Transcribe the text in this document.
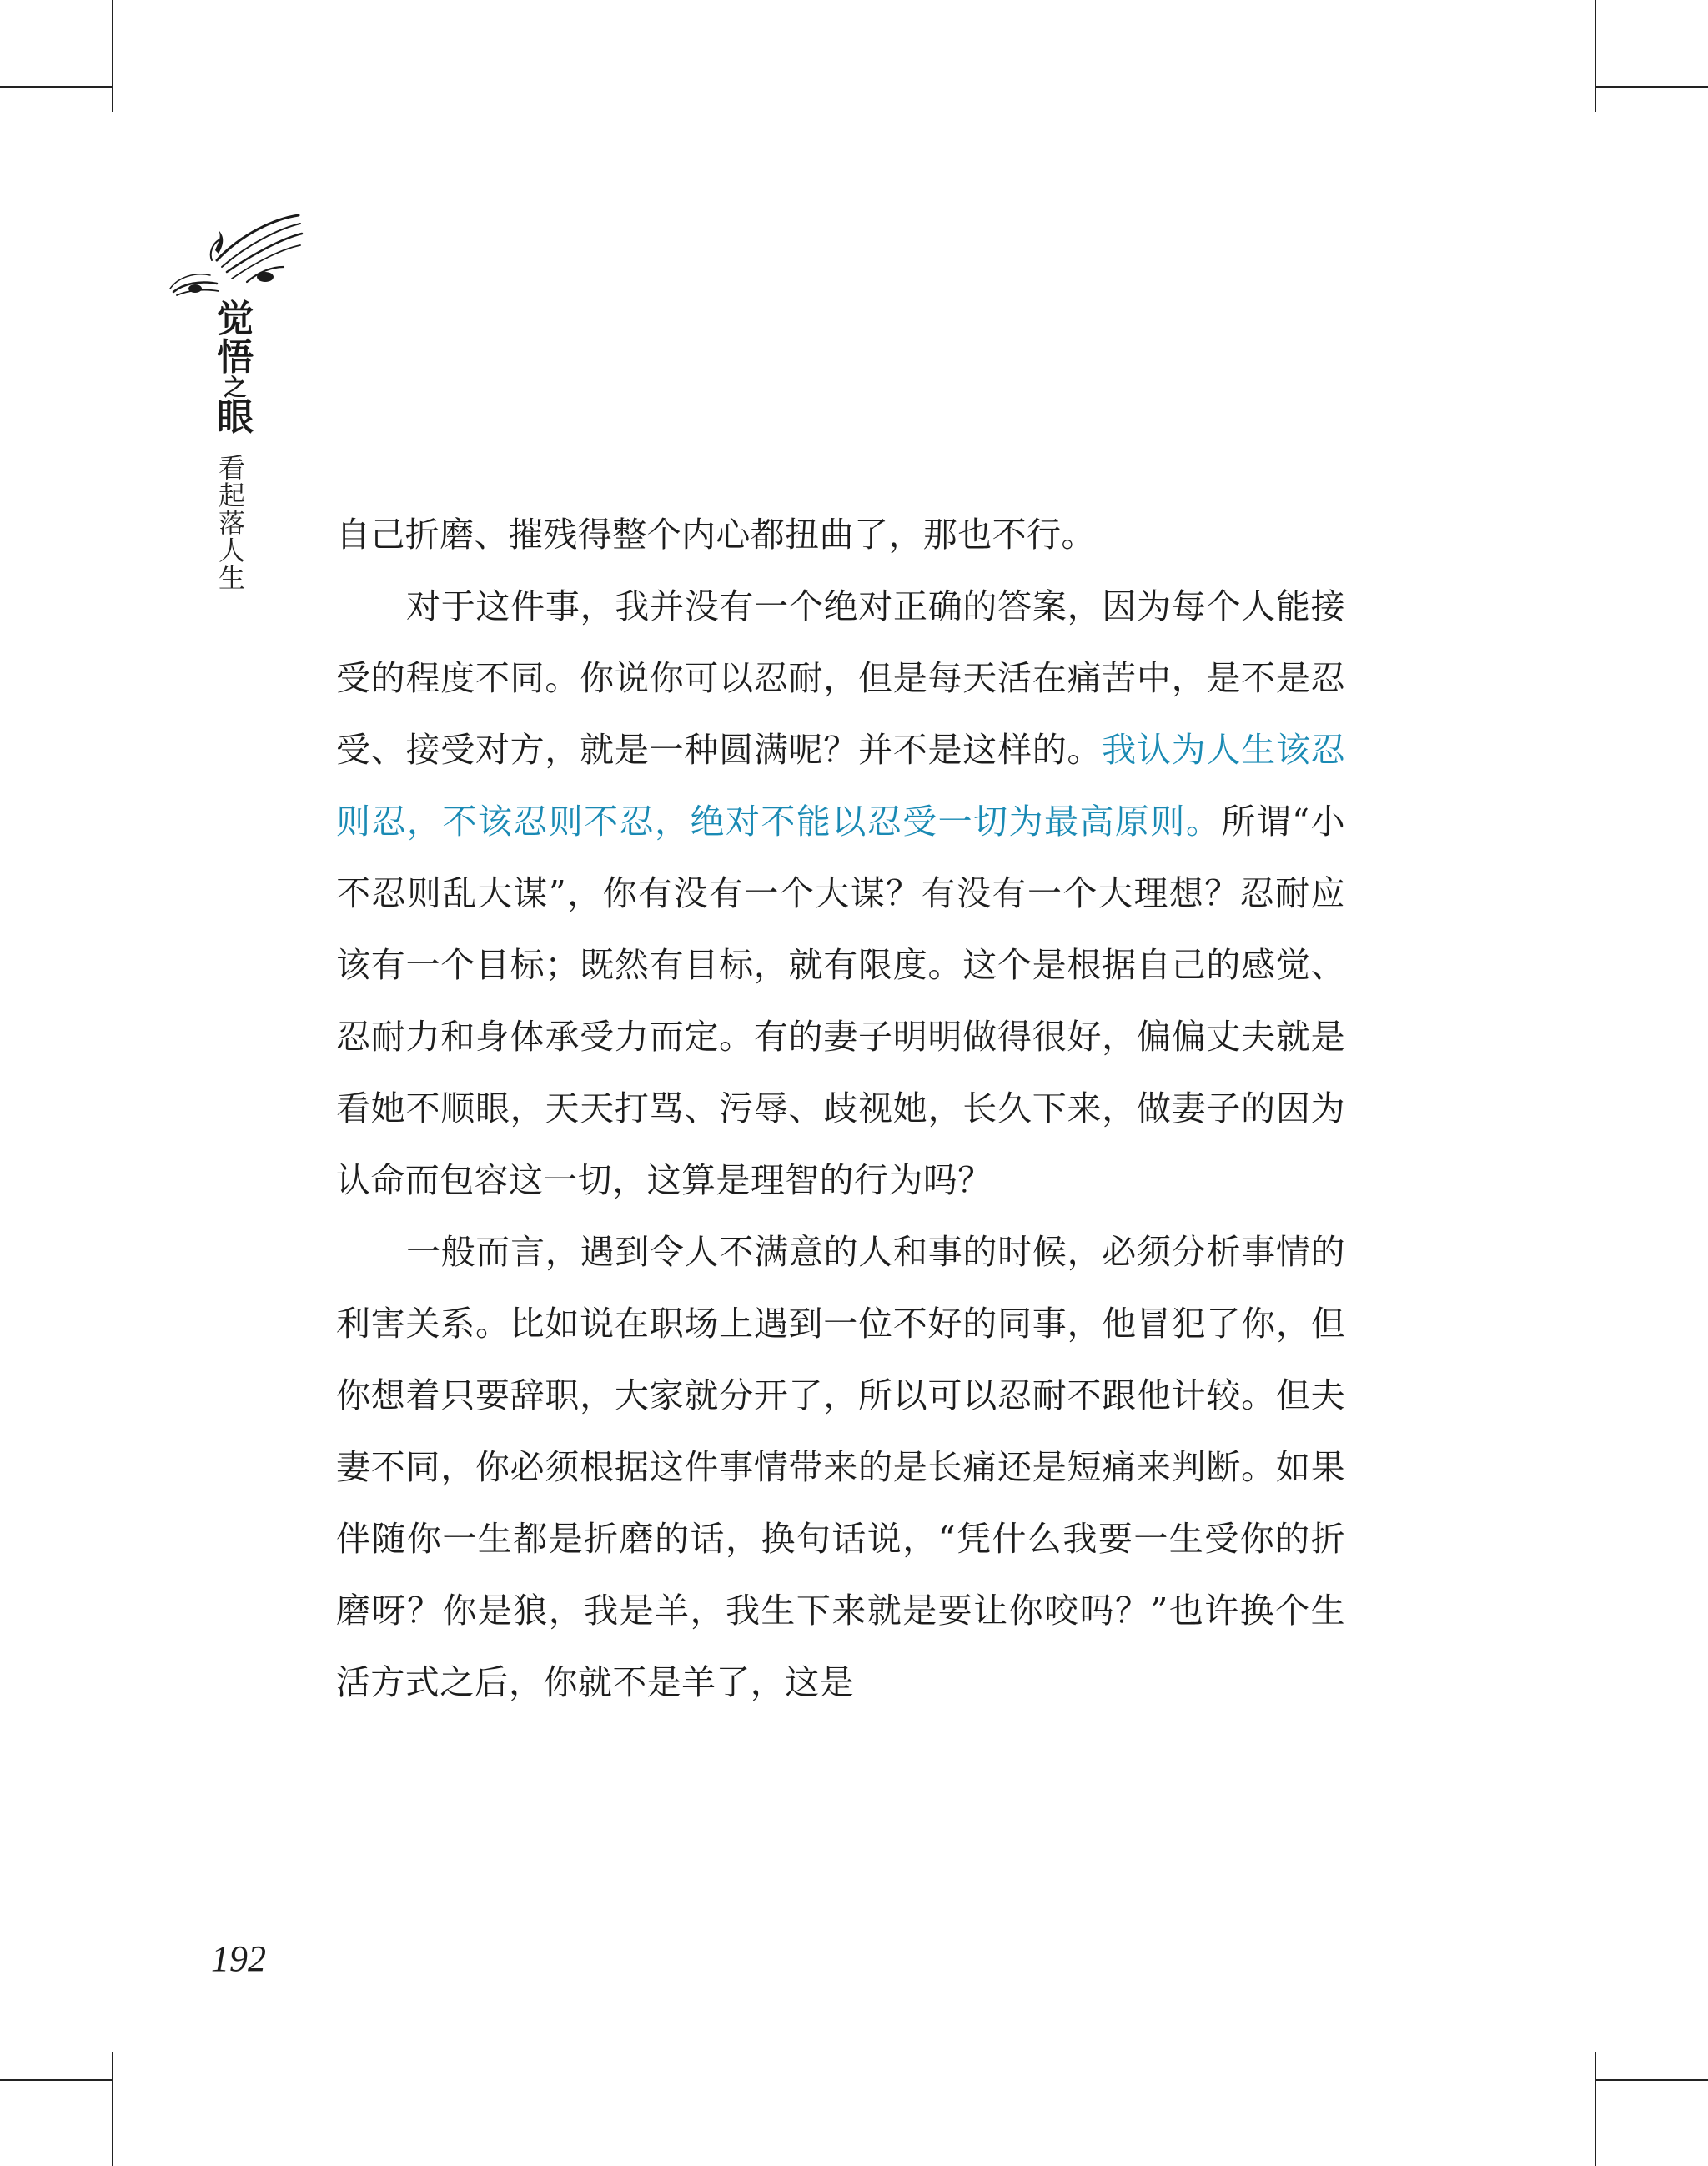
觉
悟
之
眼
看
起
落
人
生

自己折磨、摧残得整个内心都扭曲了，那也不行。

对于这件事，我并没有一个绝对正确的答案，因为每个人能接受的程度不同。你说你可以忍耐，但是每天活在痛苦中，是不是忍受、接受对方，就是一种圆满呢？并不是这样的。我认为人生该忍则忍，不该忍则不忍，绝对不能以忍受一切为最高原则。所谓“小不忍则乱大谋”，你有没有一个大谋？有没有一个大理想？忍耐应该有一个目标；既然有目标，就有限度。这个是根据自己的感觉、忍耐力和身体承受力而定。有的妻子明明做得很好，偏偏丈夫就是看她不顺眼，天天打骂、污辱、歧视她，长久下来，做妻子的因为认命而包容这一切，这算是理智的行为吗？

一般而言，遇到令人不满意的人和事的时候，必须分析事情的利害关系。比如说在职场上遇到一位不好的同事，他冒犯了你，但你想着只要辞职，大家就分开了，所以可以忍耐不跟他计较。但夫妻不同，你必须根据这件事情带来的是长痛还是短痛来判断。如果伴随你一生都是折磨的话，换句话说，“凭什么我要一生受你的折磨呀？你是狼，我是羊，我生下来就是要让你咬吗？”也许换个生活方式之后，你就不是羊了，这是

192
